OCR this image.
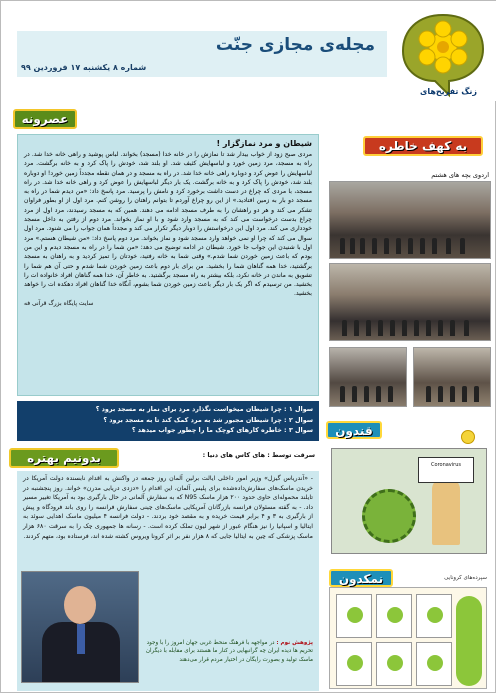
مجله‌ی مجازی جنّت
شماره ۸ یکشنبه ۱۷ فروردین ۹۹
زنگ تفریح‌های
عصرونه
به کهف خاطره
شیطان و مرد نمازگزار !
مردی صبح زود از خواب بیدار شد تا نمازش را در خانه خدا (مسجد) بخواند. لباس پوشید و راهی خانه خدا شد. در راه به مسجد، مرد زمین خورد و لباسهایش کثیف شد. او بلند شد، خودش را پاک کرد و به خانه برگشت. مرد لباسهایش را عوض کرد و دوباره راهی خانه خدا شد. در راه به مسجد و در همان نقطه مجدداً زمین خورد! او دوباره بلند شد، خودش را پاک کرد و به خانه برگشت. یک بار دیگر لباسهایش را عوض کرد و راهی خانه خدا شد. در راه مسجد، با مردی که چراغ در دست داشت برخورد کرد و نامش را پرسید. مرد پاسخ داد: «من دیدم شما در راه به مسجد دو بار به زمین افتادید.» از این رو چراغ آوردم تا بتوانم راهتان را روشن کنم. مرد اول از او بطور فراوان تشکر می کند و هر دو راهشان را به طرف مسجد ادامه می دهند. همین که به مسجد رسیدند، مرد اول از مرد چراغ بدست درخواست می کند که به مسجد وارد شود و با او نماز بخواند. مرد دوم از رفتن به داخل مسجد خودداری می کند. مرد اول این درخواستش را دوبار دیگر تکرار می کند و مجدداً همان جواب را می شنود. مرد اول سوال می کند که چرا او نمی خواهد وارد مسجد شود و نماز بخواند. مرد دوم پاسخ داد: «من شیطان هستم.» مرد اول با شنیدن این جواب جا خورد. شیطان در ادامه توضیح می دهد: «من شما را در راه به مسجد دیدم و این من بودم که باعث زمین خوردن شما شدم.» وقتی شما به خانه رفتید، خودتان را تمیز کردید و به راهتان به مسجد برگشتید، خدا همه گناهان شما را بخشید. من برای بار دوم باعث زمین خوردن شما شدم و حتی آن هم شما را تشویق به ماندن در خانه نکرد، بلکه بیشتر به راه مسجد برگشتید. به خاطر آن، خدا همه گناهان افراد خانواده ات را بخشید. من ترسیدم که اگر یک بار دیگر باعث زمین خوردن شما بشوم، آنگاه خدا گناهان افراد دهکده ات را خواهد بخشید.
سایت پایگاه بزرگ قرآنی فه
سوال ۱ : چرا شیطان میخواست نگذارد مرد برای نماز به مسجد برود ؟
سوال ۲ : چرا شیطان مجبور شد به مرد کمک کند تا به مسجد برود ؟
سوال ۳ : خاطره کارهای کوچک ما را چطور جواب میدهد ؟
اردوی بچه های هشتم
قندون
Coronavirus
نمکدون	سپرده‌های کرونایی
بدونیم بهتره	سرقت توسط : های کاس های دنیا :
- «آندریاس گیزل» وزیر امور داخلی ایالت برلین آلمان روز جمعه در واکنش به اقدام نابسنده دولت آمریکا در خریدن ماسک‌های سفارش‌داده‌شده برای پلیس آلمان، این اقدام را «دزدی دریایی مدرن» خواند. روز پنجشنبه در تایلند محموله‌ای حاوی حدود ۲۰۰ هزار ماسک N95 که به سفارش آلمانی در حال بارگیری بود به آمریکا تغییر مسیر داد. - به گفته مسئولان فرانسه بازرگانان آمریکایی ماسک‌های چینی سفارش فرانسه را روی باند فرودگاه و پیش از بارگیری به ۳ و ۴ برابر قیمت خریده و به مقصد خود بردند. - دولت فرانسه ۴ میلیون ماسک اهدایی سوئد به ایتالیا و اسپانیا را نیز هنگام عبور از شهر لیون تملک کرده است. - رسانه ها جمهوری چک را به سرقت ۶۸۰ هزار ماسک پزشکی که چین به ایتالیا جایی که ۸ هزار نفر بر اثر کرونا ویروس کشته شده اند، فرستاده بود، متهم کردند.
پژوهش نوم : در مواجهه با فرهنگ منحط غربی جهان امروز را با وجود تحریم ها دیده ایران چه گرانبهایی در کنار ما هستند برای مقابله با دیگران ماسک تولید و بصورت رایگان در اختیار مردم قرار می‌دهند
